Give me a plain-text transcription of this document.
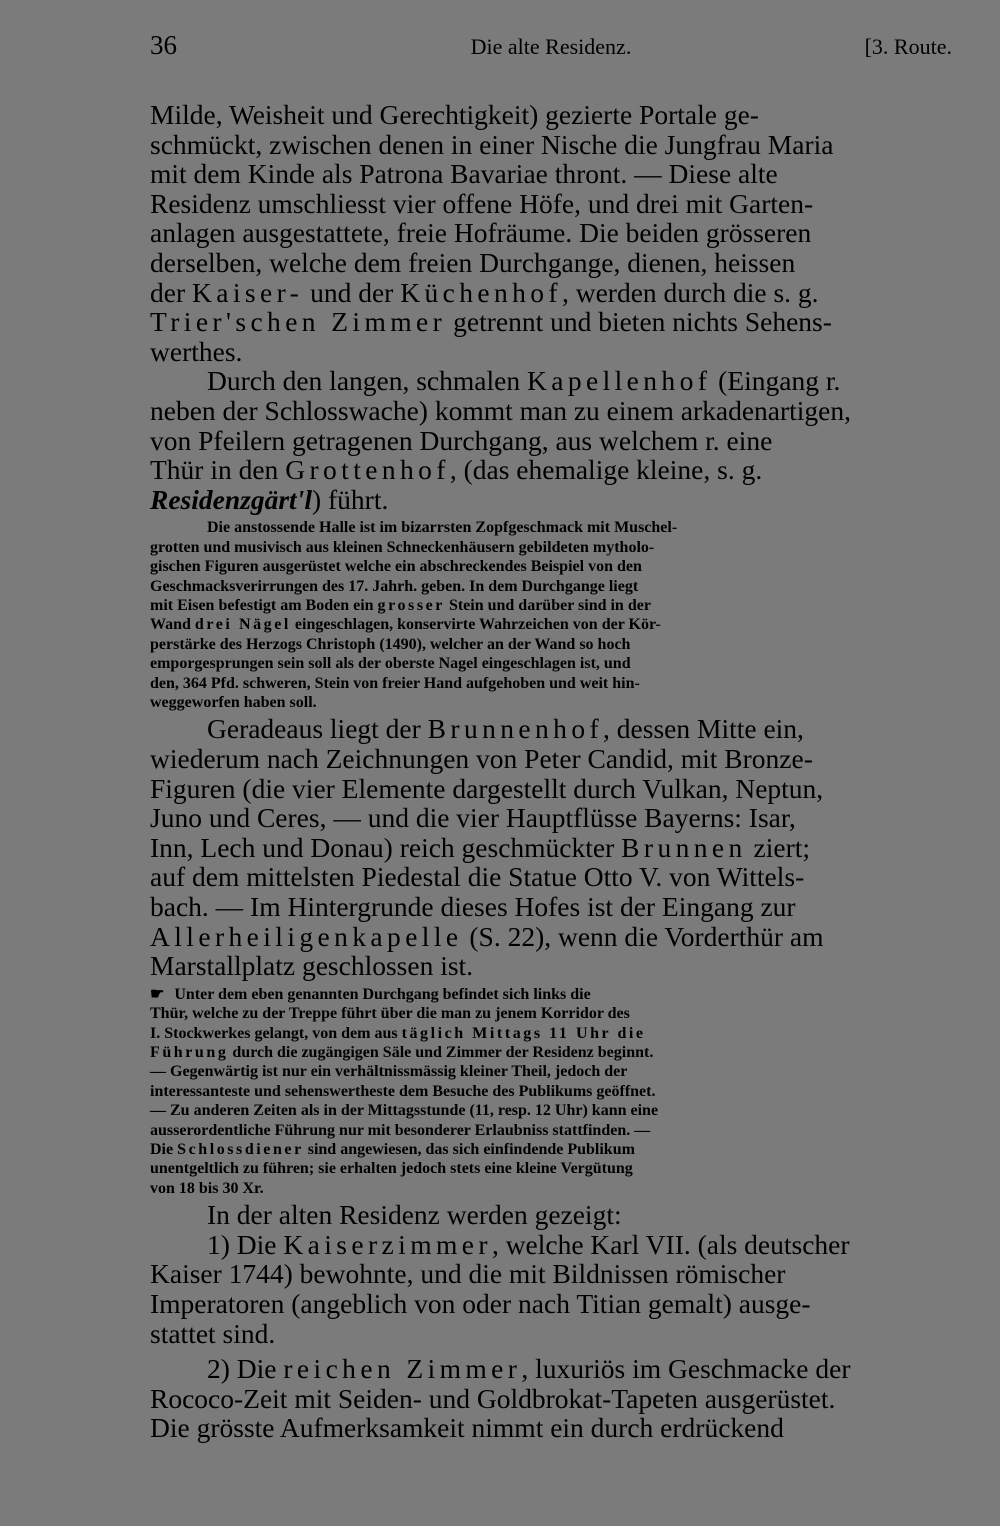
36	Die alte Residenz.	[3. Route.

Milde, Weisheit und Gerechtigkeit) gezierte Portale ge-
schmückt, zwischen denen in einer Nische die Jungfrau Maria
mit dem Kinde als Patrona Bavariae thront. — Diese alte
Residenz umschliesst vier offene Höfe, und drei mit Garten-
anlagen ausgestattete, freie Hofräume. Die beiden grösseren
derselben, welche dem freien Durchgange, dienen, heissen
der Kaiser- und der Küchenhof, werden durch die s. g.
Trier'schen Zimmer getrennt und bieten nichts Sehens-
werthes.

Durch den langen, schmalen Kapellenhof (Eingang r.
neben der Schlosswache) kommt man zu einem arkadenartigen,
von Pfeilern getragenen Durchgang, aus welchem r. eine
Thür in den Grottenhof, (das ehemalige kleine, s. g.
Residenzgärt'l) führt.

Die anstossende Halle ist im bizarrsten Zopfgeschmack mit Muschel-
grotten und musivisch aus kleinen Schneckenhäusern gebildeten mytholo-
gischen Figuren ausgerüstet welche ein abschreckendes Beispiel von den
Geschmacksverirrungen des 17. Jahrh. geben. In dem Durchgange liegt
mit Eisen befestigt am Boden ein grosser Stein und darüber sind in der
Wand drei Nägel eingeschlagen, konservirte Wahrzeichen von der Kör-
perstärke des Herzogs Christoph (1490), welcher an der Wand so hoch
emporgesprungen sein soll als der oberste Nagel eingeschlagen ist, und
den, 364 Pfd. schweren, Stein von freier Hand aufgehoben und weit hin-
weggeworfen haben soll.

Geradeaus liegt der Brunnenhof, dessen Mitte ein,
wiederum nach Zeichnungen von Peter Candid, mit Bronze-
Figuren (die vier Elemente dargestellt durch Vulkan, Neptun,
Juno und Ceres, — und die vier Hauptflüsse Bayerns: Isar,
Inn, Lech und Donau) reich geschmückter Brunnen ziert;
auf dem mittelsten Piedestal die Statue Otto V. von Wittels-
bach. — Im Hintergrunde dieses Hofes ist der Eingang zur
Allerheiligenkapelle (S. 22), wenn die Vorderthür am
Marstallplatz geschlossen ist.

☛ Unter dem eben genannten Durchgang befindet sich links die
Thür, welche zu der Treppe führt über die man zu jenem Korridor des
I. Stockwerkes gelangt, von dem aus täglich Mittags 11 Uhr die
Führung durch die zugängigen Säle und Zimmer der Residenz beginnt.
— Gegenwärtig ist nur ein verhältnissmässig kleiner Theil, jedoch der
interessanteste und sehenswertheste dem Besuche des Publikums geöffnet.
— Zu anderen Zeiten als in der Mittagsstunde (11, resp. 12 Uhr) kann eine
ausserordentliche Führung nur mit besonderer Erlaubniss stattfinden. —
Die Schlossdiener sind angewiesen, das sich einfindende Publikum
unentgeltlich zu führen; sie erhalten jedoch stets eine kleine Vergütung
von 18 bis 30 Xr.

In der alten Residenz werden gezeigt:
1) Die Kaiserzimmer, welche Karl VII. (als deutscher
Kaiser 1744) bewohnte, und die mit Bildnissen römischer
Imperatoren (angeblich von oder nach Titian gemalt) ausge-
stattet sind.
2) Die reichen Zimmer, luxuriös im Geschmacke der
Rococo-Zeit mit Seiden- und Goldbrokat-Tapeten ausgerüstet.
Die grösste Aufmerksamkeit nimmt ein durch erdrückend
